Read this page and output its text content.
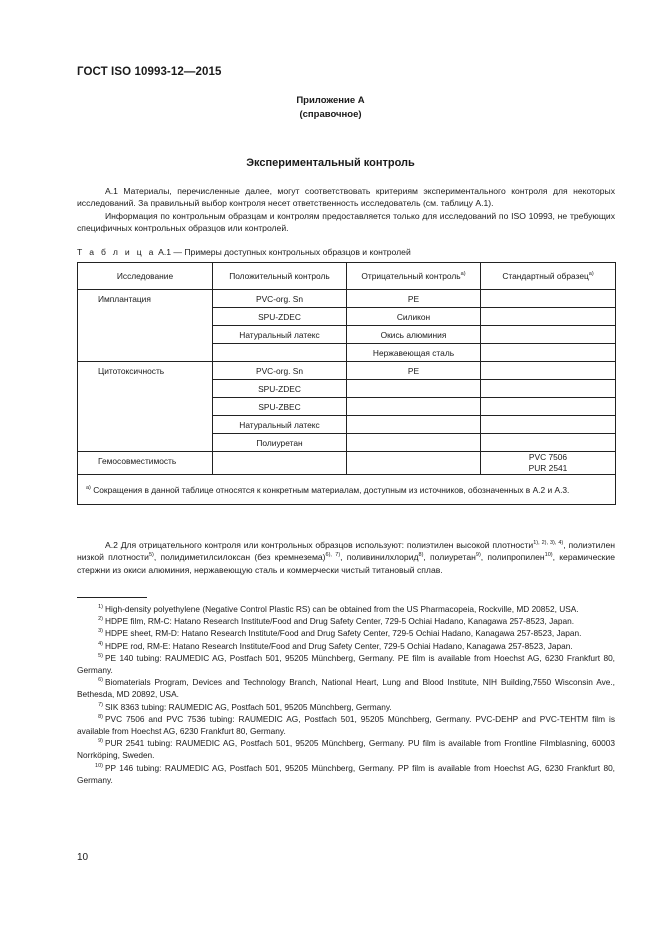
ГОСТ ISO 10993-12—2015
Приложение А
(справочное)
Экспериментальный контроль
А.1 Материалы, перечисленные далее, могут соответствовать критериям экспериментального контроля для некоторых исследований. За правильный выбор контроля несет ответственность исследователь (см. таблицу А.1).
Информация по контрольным образцам и контролям предоставляется только для исследований по ISO 10993, не требующих специфичных контрольных образцов или контролей.
Т а б л и ц а А.1 — Примеры доступных контрольных образцов и контролей
Исследование	Положительный контроль	Отрицательный контроль$^{а)}$	Стандартный образец$^{а)}$
Имплантация	PVC-org. Sn	PE	
	SPU-ZDEC	Силикон	
	Натуральный латекс	Окись алюминия	
		Нержавеющая сталь	
Цитотоксичность	PVC-org. Sn	PE	
	SPU-ZDEC		
	SPU-ZBEC		
	Натуральный латекс		
	Полиуретан		
Гемосовместимость			PVC 7506
PUR 2541

$^{а)}$ Сокращения в данной таблице относятся к конкретным материалам, доступным из источников, обозначенных в А.2 и А.3.			
А.2 Для отрицательного контроля или контрольных образцов используют: полиэтилен высокой плотности$^{1), 2), 3), 4)}$, полиэтилен низкой плотности$^{5)}$, полидиметилсилоксан (без кремнезема)$^{6), 7)}$, поливинилхлорид$^{8)}$, полиуретан$^{9)}$, полипропилен$^{10)}$, керамические стержни из окиси алюминия, нержавеющую сталь и коммерчески чистый титановый сплав.

$^{1)}$ High-density polyethylene (Negative Control Plastic RS) can be obtained from the US Pharmacopeia, Rockville, MD 20852, USA.

$^{2)}$ HDPE film, RM-C: Hatano Research Institute/Food and Drug Safety Center, 729-5 Ochiai Hadano, Kanagawa 257-8523, Japan.

$^{3)}$ HDPE sheet, RM-D: Hatano Research Institute/Food and Drug Safety Center, 729-5 Ochiai Hadano, Kanagawa 257-8523, Japan.

$^{4)}$ HDPE rod, RM-E: Hatano Research Institute/Food and Drug Safety Center, 729-5 Ochiai Hadano, Kanagawa 257-8523, Japan.

$^{5)}$ PE 140 tubing: RAUMEDIC AG, Postfach 501, 95205 Münchberg, Germany. PE film is available from Hoechst AG, 6230 Frankfurt 80, Germany.

$^{6)}$ Biomaterials Program, Devices and Technology Branch, National Heart, Lung and Blood Institute, NIH Building,7550 Wisconsin Ave., Bethesda, MD 20892, USA.

$^{7)}$ SIK 8363 tubing: RAUMEDIC AG, Postfach 501, 95205 Münchberg, Germany.

$^{8)}$ PVC 7506 and PVC 7536 tubing: RAUMEDIC AG, Postfach 501, 95205 Münchberg, Germany. PVC-DEHP and PVC-TEHTM film is available from Hoechst AG, 6230 Frankfurt 80, Germany.

$^{9)}$ PUR 2541 tubing: RAUMEDIC AG, Postfach 501, 95205 Münchberg, Germany. PU film is available from Frontline Filmblasning, 60003 Norrköping, Sweden.

$^{10)}$ PP 146 tubing: RAUMEDIC AG, Postfach 501, 95205 Münchberg, Germany. PP film is available from Hoechst AG, 6230 Frankfurt 80, Germany.

10
